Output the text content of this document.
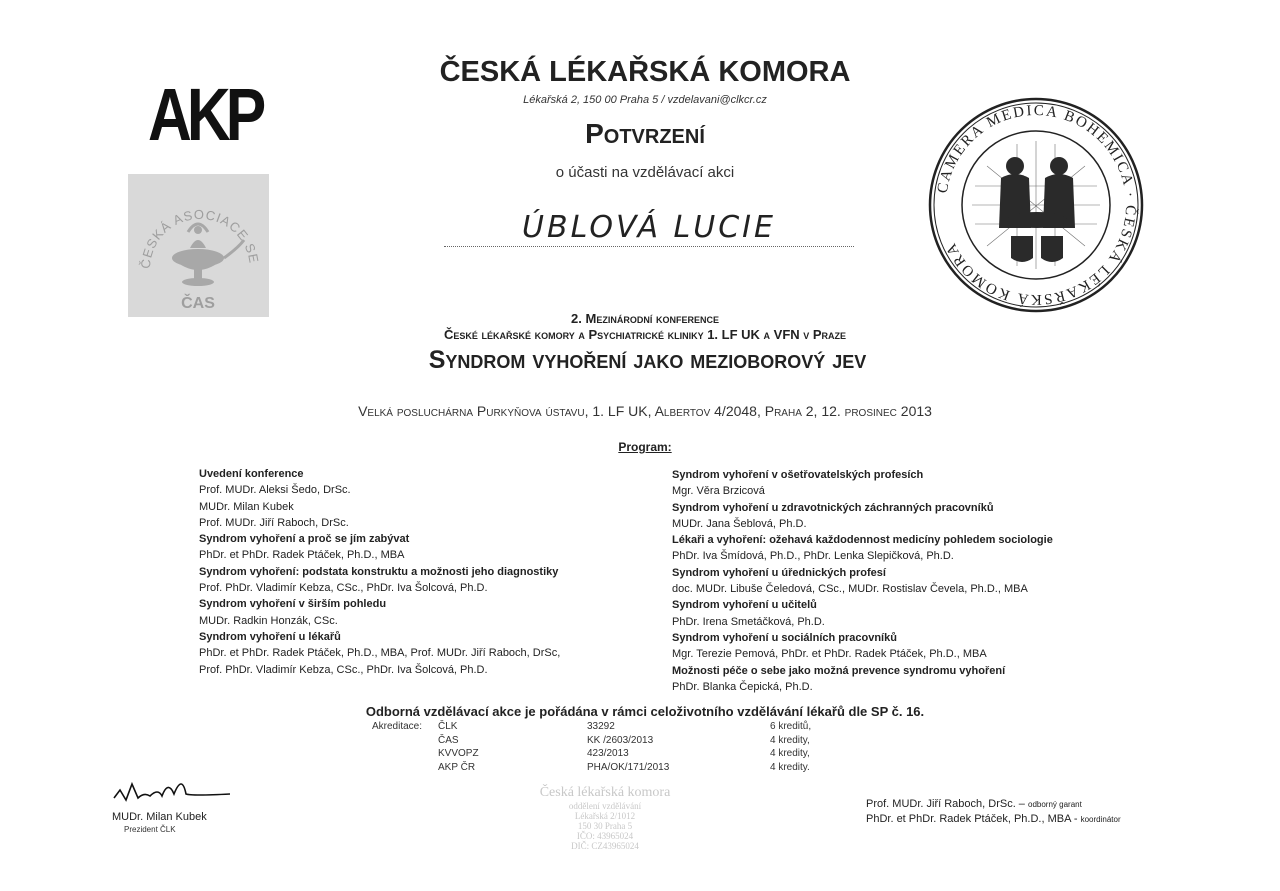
AKP
ČESKÁ ASOCIACE SE
ČAS
CAMERA MEDICA BOHEMICA · ČESKÁ LÉKAŘSKÁ KOMORA
ČESKÁ LÉKAŘSKÁ KOMORA
Lékařská 2, 150 00 Praha 5 / vzdelavani@clkcr.cz
Potvrzení
o účasti na vzdělávací akci
ÚBLOVÁ LUCIE
2. Mezinárodní konference
České lékařské komory a Psychiatrické kliniky 1. LF UK a VFN v Praze
Syndrom vyhoření jako mezioborový jev
Velká posluchárna Purkyňova ústavu, 1. LF UK, Albertov 4/2048, Praha 2, 12. prosinec 2013
Program:
Uvedení konference
Prof. MUDr. Aleksi Šedo, DrSc.
MUDr. Milan Kubek
Prof. MUDr. Jiří Raboch, DrSc.
Syndrom vyhoření a proč se jím zabývat
PhDr. et PhDr. Radek Ptáček, Ph.D., MBA
Syndrom vyhoření: podstata konstruktu a možnosti jeho diagnostiky
Prof. PhDr. Vladimír Kebza, CSc., PhDr. Iva Šolcová, Ph.D.
Syndrom vyhoření v širším pohledu
MUDr. Radkin Honzák, CSc.
Syndrom vyhoření u lékařů
PhDr. et PhDr. Radek Ptáček, Ph.D., MBA, Prof. MUDr. Jiří Raboch, DrSc,
Prof. PhDr. Vladimír Kebza, CSc., PhDr. Iva Šolcová, Ph.D.
Syndrom vyhoření v ošetřovatelských profesích
Mgr. Věra Brzicová
Syndrom vyhoření u zdravotnických záchranných pracovníků
MUDr. Jana Šeblová, Ph.D.
Lékaři a vyhoření: ožehavá každodennost medicíny pohledem sociologie
PhDr. Iva Šmídová, Ph.D., PhDr. Lenka Slepičková, Ph.D.
Syndrom vyhoření u úřednických profesí
doc. MUDr. Libuše Čeledová, CSc., MUDr. Rostislav Čevela, Ph.D., MBA
Syndrom vyhoření u učitelů
PhDr. Irena Smetáčková, Ph.D.
Syndrom vyhoření u sociálních pracovníků
Mgr. Terezie Pemová, PhDr. et PhDr. Radek Ptáček, Ph.D., MBA
Možnosti péče o sebe jako možná prevence syndromu vyhoření
PhDr. Blanka Čepická, Ph.D.
Odborná vzdělávací akce je pořádána v rámci celoživotního vzdělávání lékařů dle SP č. 16.
Akreditace: ČLK	33292	6 kreditů,
ČAS	KK /2603/2013	4 kredity,
KVVOPZ	423/2013	4 kredity,
AKP ČR	PHA/OK/171/2013	4 kredity.
MUDr. Milan Kubek
Prezident ČLK
Česká lékařská komora
oddělení vzdělávání
Lékařská 2/1012
150 30 Praha 5
IČO: 43965024
DIČ: CZ43965024
Prof. MUDr. Jiří Raboch, DrSc. – odborný garant
PhDr. et PhDr. Radek Ptáček, Ph.D., MBA - koordinátor
